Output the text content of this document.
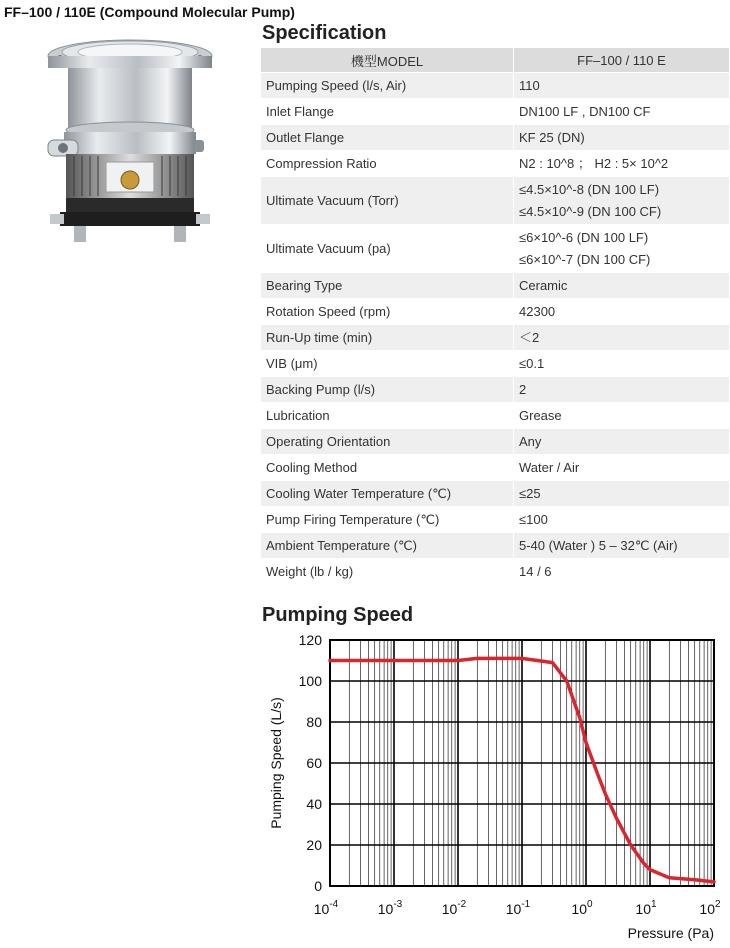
FF–100 / 110E (Compound Molecular Pump)
Specification
機型MODEL	FF–100 / 110 E
Pumping Speed (l/s, Air)	110

Inlet Flange	DN100 LF , DN100 CF

Outlet Flange	KF 25 (DN)

Compression Ratio	N2 : 10^8 ； H2 : 5× 10^2

Ultimate Vacuum (Torr)	≤4.5×10^-8 (DN 100 LF)
≤4.5×10^-9 (DN 100 CF)

Ultimate Vacuum (pa)	≤6×10^-6 (DN 100 LF)
≤6×10^-7 (DN 100 CF)

Bearing Type	Ceramic

Rotation Speed (rpm)	42300

Run-Up time (min)	＜2

VIB (μm)	≤0.1

Backing Pump (l/s)	2

Lubrication	Grease

Operating Orientation	Any

Cooling Method	Water / Air

Cooling Water Temperature (℃)	≤25

Pump Firing Temperature (℃)	≤100

Ambient Temperature (℃)	5-40 (Water ) 5 – 32℃ (Air)

Weight (lb / kg)	14 / 6
Pumping Speed
0
20
40
60
80
100
120
$10^{-4}$	$10^{-3}$	$10^{-2}$	$10^{-1}$	$10^0$	$10^1$	$10^2$
Pressure (Pa)
Pumping Speed (L/s)
